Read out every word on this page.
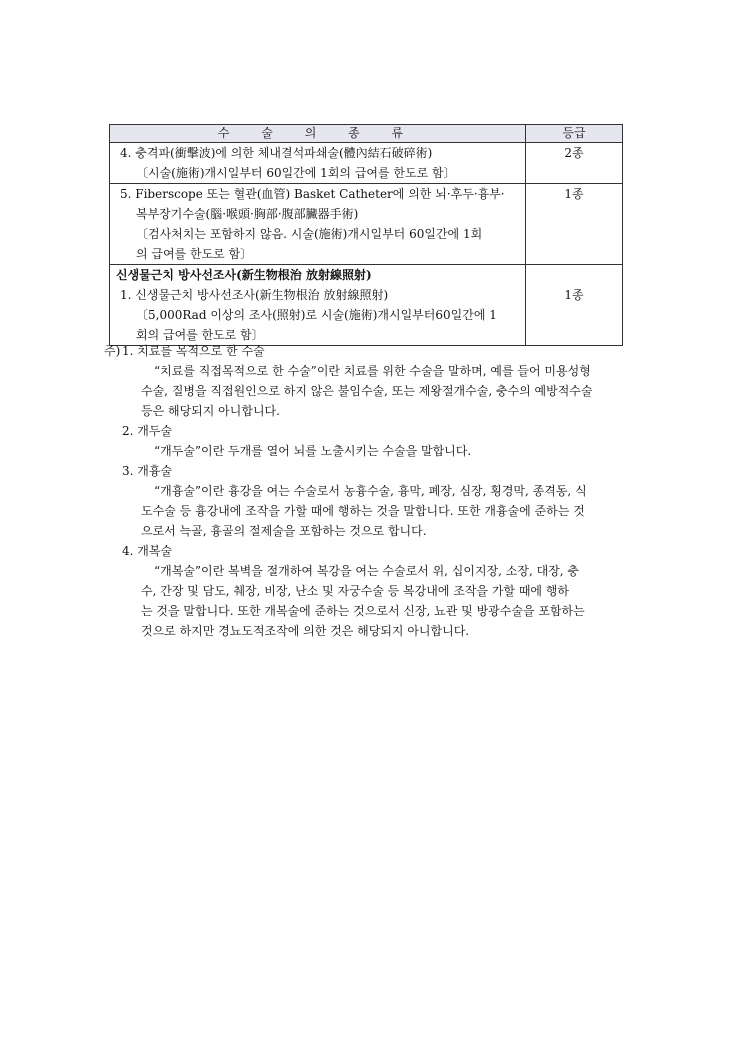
수 술 의 종 류	등급

4. 충격파(衝擊波)에 의한 체내결석파쇄술(體內結石破碎術)
〔시술(施術)개시일부터 60일간에 1회의 급여를 한도로 함〕	2종

5. Fiberscope 또는 혈관(血管) Basket Catheter에 의한 뇌·후두·흉부·
복부장기수술(腦·喉頭·胸部·腹部臟器手術)
〔검사처치는 포함하지 않음. 시술(施術)개시일부터 60일간에 1회
의 급여를 한도로 함〕	1종

신생물근치 방사선조사(新生物根治 放射線照射)
1. 신생물근치 방사선조사(新生物根治 放射線照射)
〔5,000Rad 이상의 조사(照射)로 시술(施術)개시일부터60일간에 1
회의 급여를 한도로 함〕	1종
주) 1. 치료를 목적으로 한 수술

“치료를 직접목적으로 한 수술”이란 치료를 위한 수술을 말하며, 예를 들어 미용성형

수술, 질병을 직접원인으로 하지 않은 불임수술, 또는 제왕절개수술, 충수의 예방적수술

등은 해당되지 아니합니다.

2. 개두술

“개두술”이란 두개를 열어 뇌를 노출시키는 수술을 말합니다.

3. 개흉술

“개흉술”이란 흉강을 여는 수술로서 농흉수술, 흉막, 폐장, 심장, 횡경막, 종격동, 식

도수술 등 흉강내에 조작을 가할 때에 행하는 것을 말합니다. 또한 개흉술에 준하는 것

으로서 늑골, 흉골의 절제술을 포함하는 것으로 합니다.

4. 개복술

“개복술”이란 복벽을 절개하여 복강을 여는 수술로서 위, 십이지장, 소장, 대장, 충

수, 간장 및 담도, 췌장, 비장, 난소 및 자궁수술 등 복강내에 조작을 가할 때에 행하

는 것을 말합니다. 또한 개복술에 준하는 것으로서 신장, 뇨관 및 방광수술을 포함하는

것으로 하지만 경뇨도적조작에 의한 것은 해당되지 아니합니다.
